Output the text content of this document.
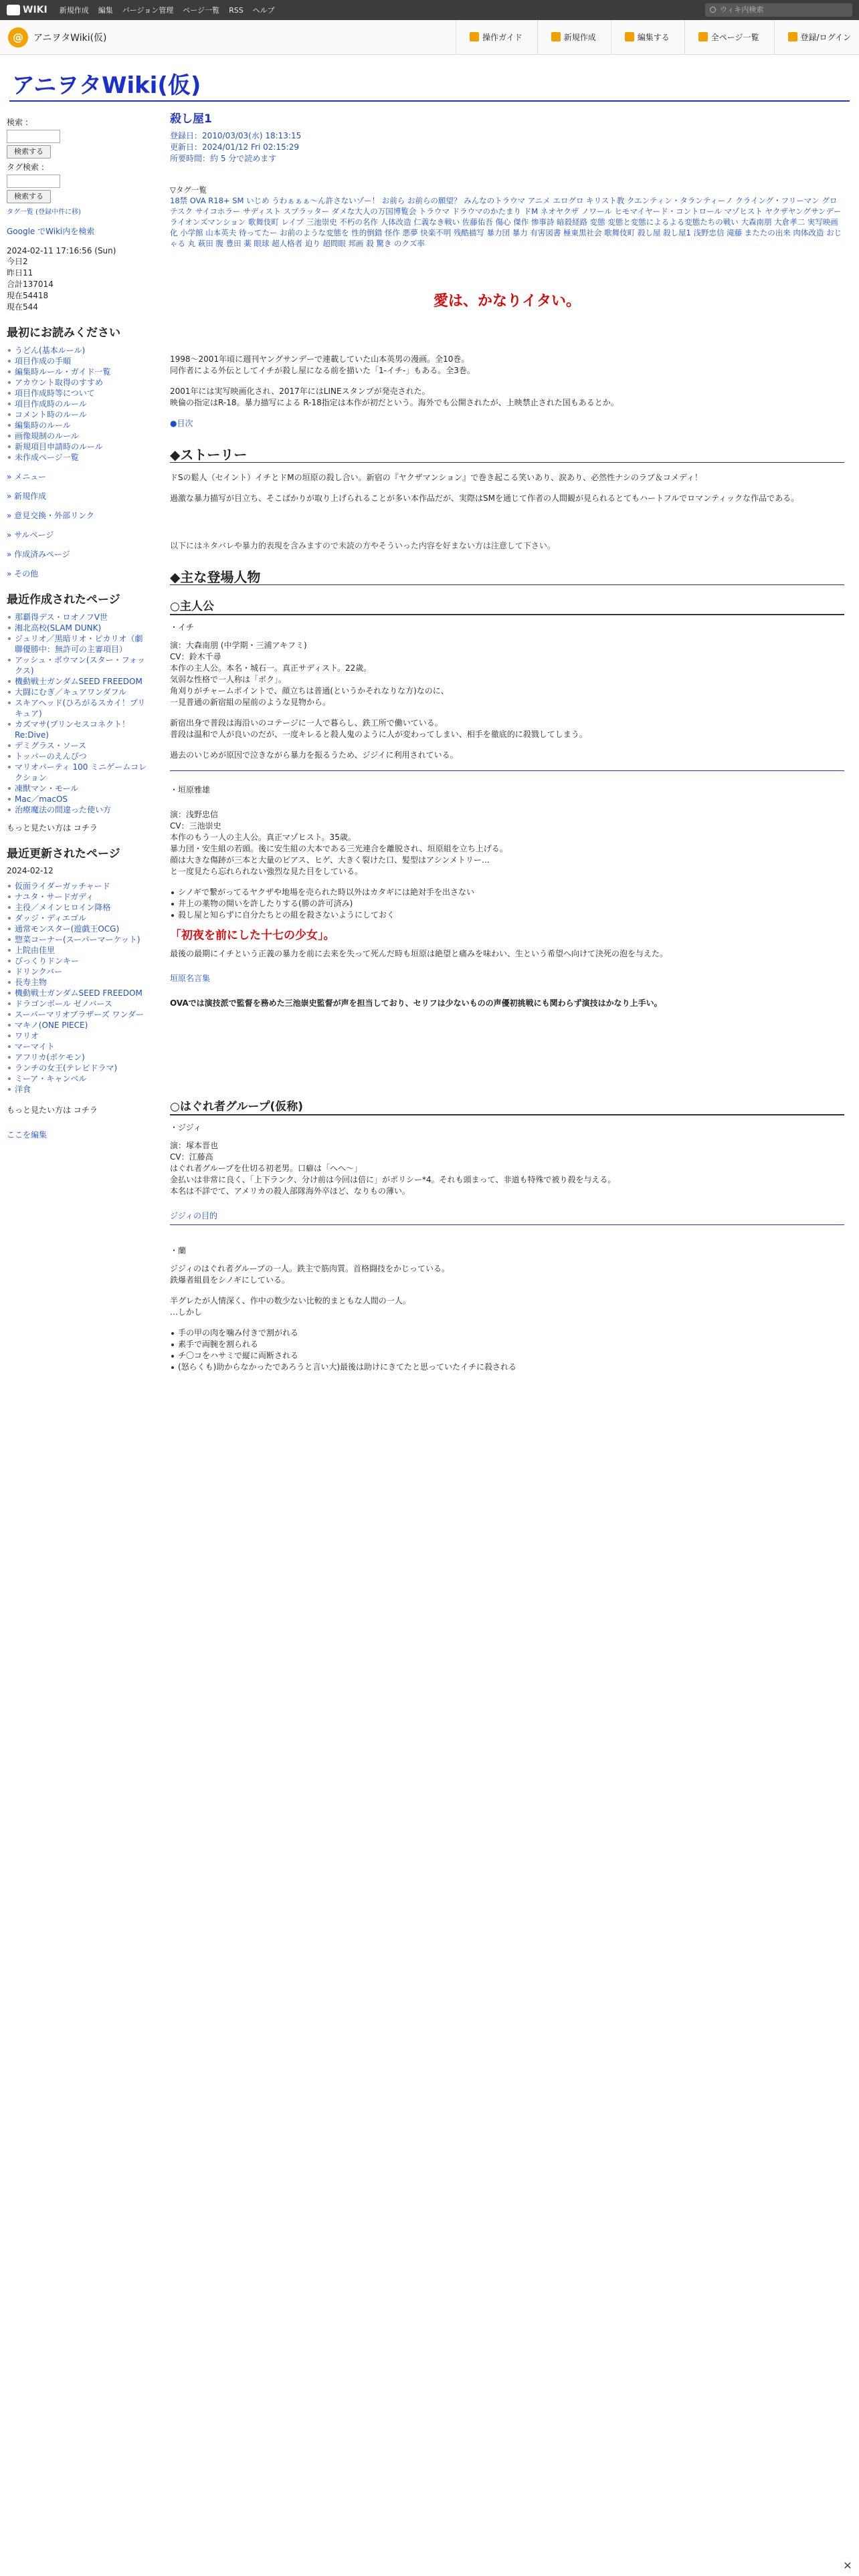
WIKI 新規作成 編集 バージョン管理 ページ一覧 RSS ヘルプ	ウィキ内検索
@	アニヲタWiki(仮)	操作ガイド	新規作成	編集する	全ページ一覧	登録/ログイン
アニヲタWiki(仮)
検索 :
検索する
タグ検索 :
検索する
タグ一覧 (登録中件に移)
Google でWiki内を検索
2024-02-11 17:16:56 (Sun)
今日2
昨日11
合計137014
現在54418
現在544
最初にお読みください
うどん(基本ルール)
項目作成の手順
編集時ルール・ガイド一覧
アカウント取得のすすめ
項目作成時等について
項目作成時のルール
コメント時のルール
編集時のルール
画像規制のルール
新規項目申請時のルール
未作成ページ一覧
» メニュー
» 新規作成
» 意見交換・外部リンク
» サルページ
» 作成済みページ
» その他
最近作成されたページ
那覇得デス・ロオノフV世
湘北高校(SLAM DUNK)
ジュリオ／黒暗リオ・ピカリオ（劇聯優勝中：無許可の主審項目）
アッシュ・ボウマン(スター・フォックス)
機動戦士ガンダムSEED FREEDOM
大闘にむぎ／キュアワンダフル
スキアヘッド(ひろがるスカイ！プリキュア)
カズマサ(プリンセスコネクト！Re:Dive)
デミグラス・ソース
トッパーのえんぴつ
マリオパーティ 100 ミニゲームコレクション
凍獣マン・モール
Mac／macOS
治療魔法の間違った使い方
もっと見たい方は コチラ
最近更新されたページ
2024-02-12
仮面ライダーガッチャード
ナユタ・サードガディ
主役／メインヒロイン降格
ダッジ・ディエゴル
通常モンスター(遊戯王OCG)
惣菜コーナー(スーパーマーケット)
上院由佳里
びっくりドンキー
ドリンクバー
長寿主物
機動戦士ガンダムSEED FREEDOM
ドラゴンボール ゼノバース
スーパーマリオブラザーズ ワンダー
マキノ(ONE PIECE)
ワリオ
マーマイト
アフリカ(ポケモン)
ランチの女王(テレビドラマ)
ミーア・キャンベル
洋食
もっと見たい方は コチラ
ここを編集
殺し屋1
登録日：2010/03/03(水) 18:13:15
更新日：2024/01/12 Fri 02:15:29
所要時間：約 5 分で読めます
▽タグ一覧
18禁 OVA R18+ SM いじめ うわぁぁぁ〜ん許さないゾー！ お前ら お前らの願望？ みんなのトラウマ アニメ エログロ キリスト教 クエンティン・タランティーノ クライング・フリーマン グロテスク サイコホラー サディスト スプラッター ダメな大人の万国博覧会 トラウマ ドラウマのかたまり ドM ネオヤクザ ノワール ヒモマイヤード・コントロール マゾヒスト ヤクザヤングサンデー ライオンズマンション 歌舞伎町 レイプ 三池崇史 不朽の名作 人体改造 仁義なき戦い 佐藤佑吾 傷心 傑作 惨事詩 暗殺経路 変態 変態と変態によるよる変態たちの戦い 大森南朋 大倉孝二 実写映画化 小学館 山本英夫 待ってたー お前のような変態を 性的倒錯 怪作 悪夢 快楽不明 残酷描写 暴力団 暴力 有害図書 極東黒社会 歌舞伎町 殺し屋 殺し屋1 浅野忠信 滝藤 またたの出来 肉体改造 おじゃる 丸 萩田 腹 豊田 薬 眼球 超人格者 迫り 超問眼 邦画 殺 驚き のクズ率
愛は、かなりイタい。

1998〜2001年頃に週刊ヤングサンデーで連載していた山本英男の漫画。全10巻。
同作者による外伝としてイチが殺し屋になる前を描いた「1-イチ-」もある。全3巻。

2001年には実写映画化され、2017年にはLINEスタンプが発売された。
映倫の指定はR-18。暴力描写による R-18指定は本作が初だという。海外でも公開されたが、上映禁止された国もあるとか。

●目次
◆ストーリー

ドSの鬆人（セイント）イチとドMの垣原の殺し合い。新宿の『ヤクザマンション』で巻き起こる笑いあり、涙あり、必然性ナシのラブ＆コメディ！

過激な暴力描写が目立ち、そこばかりが取り上げられることが多い本作品だが、実際はSMを通じて作者の人間観が見られるとてもハートフルでロマンティックな作品である。

以下にはネタバレや暴力的表現を含みますので未読の方やそういった内容を好まない方は注意して下さい。

◆主な登場人物
○主人公
・イチ

演：大森南朋 (中学期・三浦アキフミ)
CV：鈴木千尋
本作の主人公。本名・城石一。真正サディスト。22歳。
気弱な性格で一人称は「ボク」。
角刈りがチャームポイントで、顔立ちは普通(というかそれなりな方)なのに、
一見普通の新宿組の屋前のような見物から。

新宿出身で普段は海沿いのコテージに一人で暮らし、鉄工所で働いている。
普段は温和で人が良いのだが、一度キレると殺人鬼のように人が変わってしまい、相手を徹底的に殺戮してしまう。

過去のいじめが原因で泣きながら暴力を振るうため、ジジイに利用されている。

・垣原雅雄

演：浅野忠信
CV：三池崇史
本作のもう一人の主人公。真正マゾヒスト。35歳。
暴力団・安生組の若頭。後に安生組の大本である三光連合を離脱され、垣原組を立ち上げる。
顔は大きな傷跡が三本と大量のピアス、ヒゲ、大きく裂けた口、髪型はアシンメトリー…
と一度見たら忘れられない強烈な見た目をしている。

シノギで繋がってるヤクザや地場を売られた時以外はカタギには絶対手を出さない
井上の薬物の開いを許したりする(勝の許可済み)
殺し屋と知らずに自分たちとの組を殺さないようにしておく
「初夜を前にした十七の少女」。

最後の最期にイチという正義の暴力を前に去来を失って死んだ時も垣原は絶望と痛みを味わい、生という希望へ向けて決死の泡を与えた。

垣原名言集

OVAでは演技派で監督を務めた三池崇史監督が声を担当しており、セリフは少ないものの声優初挑戦にも関わらず演技はかなり上手い。

○はぐれ者グループ(仮称)
・ジジィ

演：塚本晋也
CV：江藤高
はぐれ者グループを仕切る初老男。口癖は「へへ〜」
金払いは非常に良く、「上下ランク、分け前は今回は倍に」がポリシー*4。それも頭まって、非道も特殊で被り殺を与える。
本名は不詳でて、アメリカの殺人部隊海外卒ほど、なりもの薄い。

ジジィの目的
・蘭

ジジィのはぐれ者グループの一人。鉄主で筋肉質。首格闘技をかじっている。
鉄爆者組員をシノギにしている。

半グレたが人情深く、作中の数少ない比較的まともな人間の一人。
…しかし

手の甲の肉を噛み付きで割がれる
素手で両腕を割られる
チ〇コをハサミで縦に両断される
(怒らくも)助からなかったであろうと言い大)最後は助けにきてたと思っていたイチに殺される
✕
